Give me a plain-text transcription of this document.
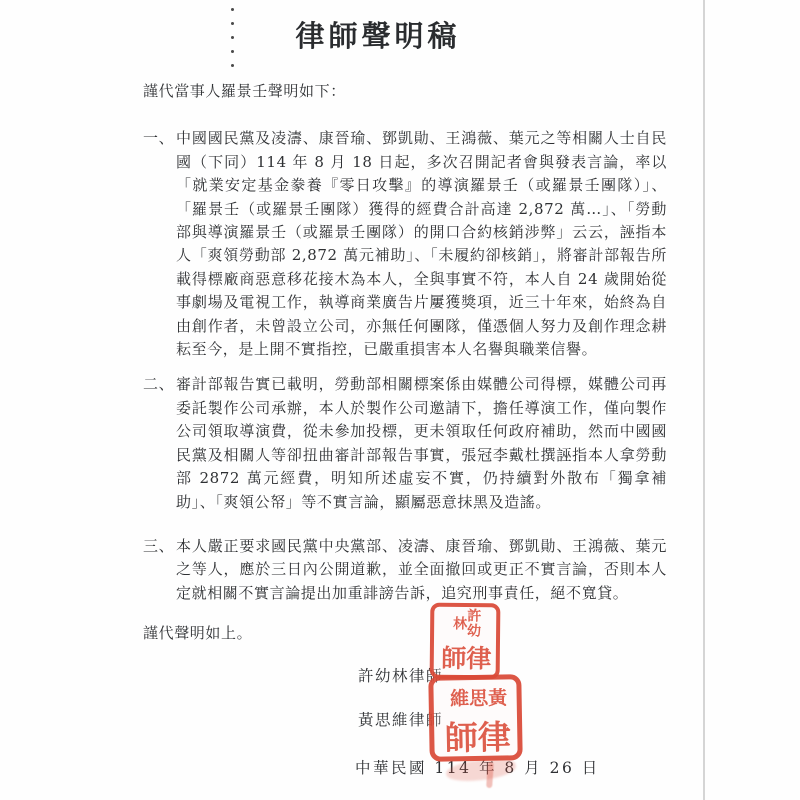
律師聲明稿

謹代當事人羅景壬聲明如下：

一、 中國國民黨及凌濤、康晉瑜、鄧凱勛、王鴻薇、葉元之等相關人士自民國（下同）114 年 8 月 18 日起，多次召開記者會與發表言論，率以「就業安定基金豢養『零日攻擊』的導演羅景壬（或羅景壬團隊）」、「羅景壬（或羅景壬團隊）獲得的經費合計高達 2,872 萬…」、「勞動部與導演羅景壬（或羅景壬團隊）的開口合約核銷涉弊」云云，誣指本人「爽領勞動部 2,872 萬元補助」、「未履約卻核銷」，將審計部報告所載得標廠商惡意移花接木為本人，全與事實不符，本人自 24 歲開始從事劇場及電視工作，執導商業廣告片屢獲獎項，近三十年來，始終為自由創作者，未曾設立公司，亦無任何團隊，僅憑個人努力及創作理念耕耘至今，是上開不實指控，已嚴重損害本人名譽與職業信譽。
二、 審計部報告實已載明，勞動部相關標案係由媒體公司得標，媒體公司再委託製作公司承辦，本人於製作公司邀請下，擔任導演工作，僅向製作公司領取導演費，從未參加投標，更未領取任何政府補助，然而中國國民黨及相關人等卻扭曲審計部報告事實，張冠李戴杜撰誣指本人拿勞動部 2872 萬元經費，明知所述虛妄不實，仍持續對外散布「獨拿補助」、「爽領公帑」等不實言論，顯屬惡意抹黑及造謠。
三、 本人嚴正要求國民黨中央黨部、凌濤、康晉瑜、鄧凱勛、王鴻薇、葉元之等人，應於三日內公開道歉，並全面撤回或更正不實言論，否則本人定就相關不實言論提出加重誹謗告訴，追究刑事責任，絕不寬貸。

謹代聲明如上。

許幼林律師
黃思維律師
中華民國 114 年 8 月 26 日
許幼林
律師
黃思維
律師
